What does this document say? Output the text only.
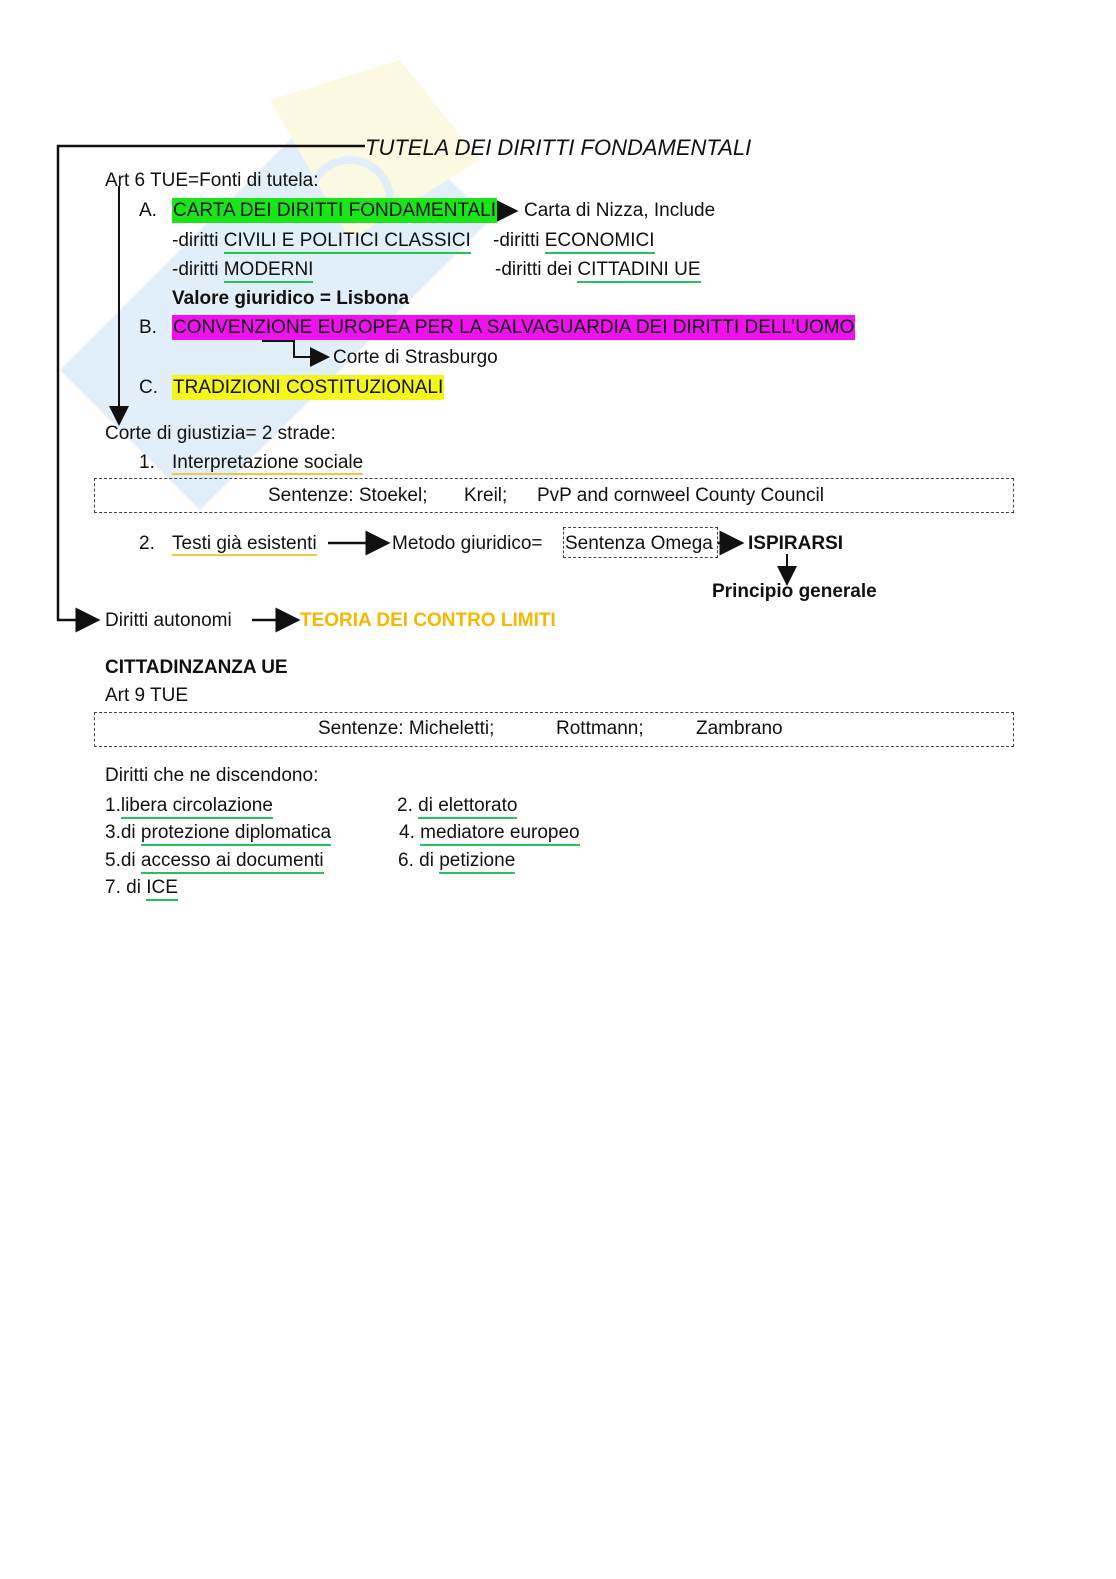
TUTELA DEI DIRITTI FONDAMENTALI
Art 6 TUE=Fonti di tutela:
A. CARTA DEI DIRITTI FONDAMENTALI Carta di Nizza, Include
-diritti CIVILI E POLITICI CLASSICI -diritti ECONOMICI
-diritti MODERNI	-diritti dei CITTADINI UE
Valore giuridico = Lisbona
B. CONVENZIONE EUROPEA PER LA SALVAGUARDIA DEI DIRITTI DELL’UOMO
Corte di Strasburgo
C. TRADIZIONI COSTITUZIONALI
Corte di giustizia= 2 strade:
1. Interpretazione sociale
Sentenze: Stoekel; Kreil; PvP and cornweel County Council
2. Testi già esistenti	Metodo giuridico= Sentenza Omega ISPIRARSI
Principio generale
Diritti autonomi	TEORIA DEI CONTRO LIMITI
CITTADINZANZA UE
Art 9 TUE
Sentenze: Micheletti;	Rottmann;	Zambrano
Diritti che ne discendono:
1.libera circolazione	2. di elettorato
3.di protezione diplomatica	4. mediatore europeo
5.di accesso ai documenti	6. di petizione
7. di ICE
